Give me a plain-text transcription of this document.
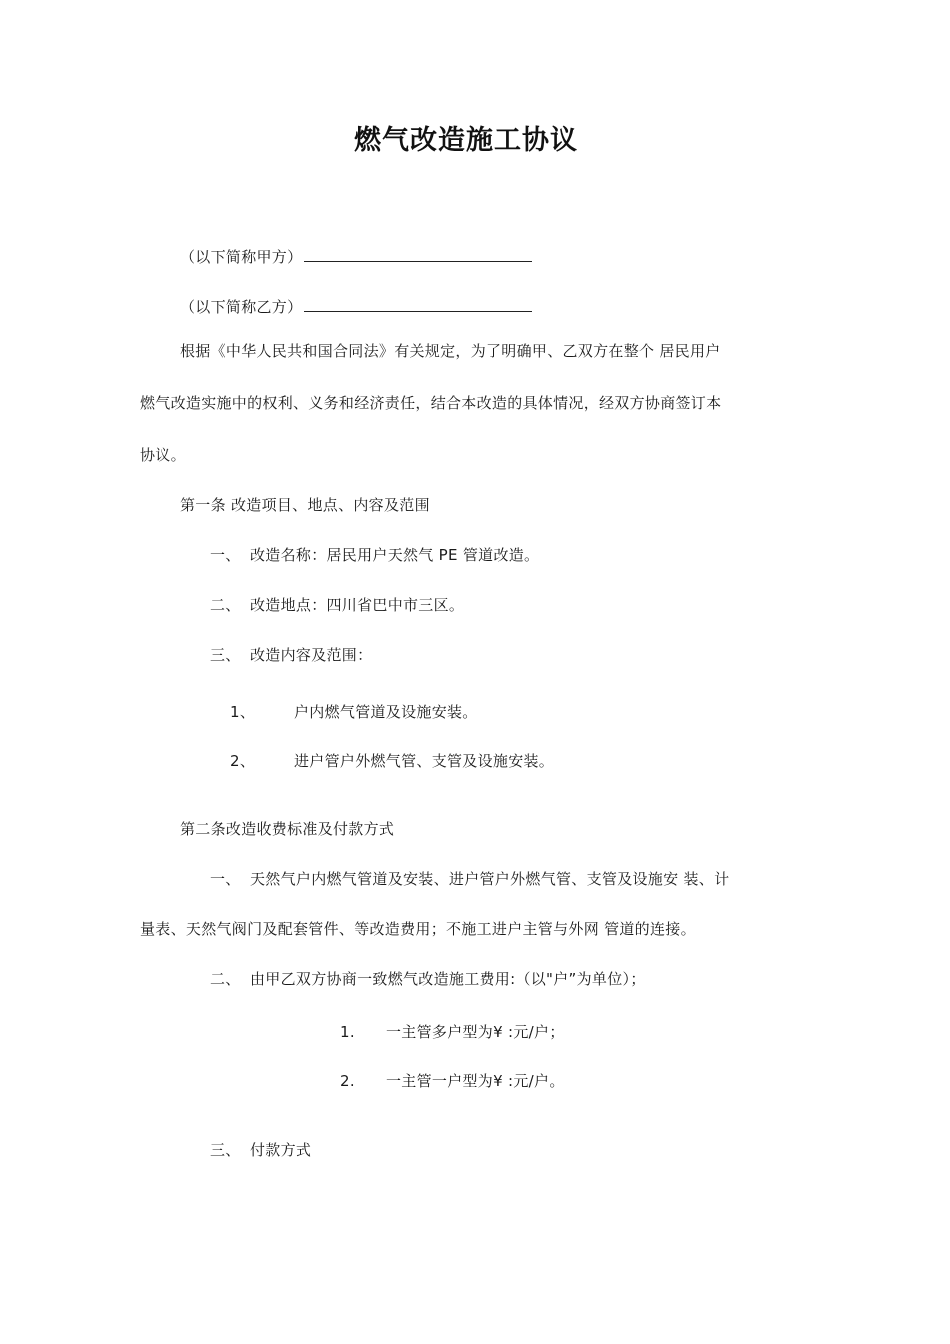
燃气改造施工协议
（以下简称甲方）
（以下简称乙方）
根据《中华人民共和国合同法》有关规定，为了明确甲、乙双方在整个 居民用户
燃气改造实施中的权利、义务和经济责任，结合本改造的具体情况，经双方协商签订本
协议。
第一条 改造项目、地点、内容及范围
一、 改造名称：居民用户天然气 PE 管道改造。
二、 改造地点：四川省巴中市三区。
三、 改造内容及范围：
1、	户内燃气管道及设施安装。
2、	进户管户外燃气管、支管及设施安装。
第二条改造收费标准及付款方式
一、 天然气户内燃气管道及安装、进户管户外燃气管、支管及设施安 装、计
量表、天然气阀门及配套管件、等改造费用；不施工进户主管与外网 管道的连接。
二、 由甲乙双方协商一致燃气改造施工费用:（以"户”为单位）；
1. 一主管多户型为¥ :元/户；
2. 一主管一户型为¥ :元/户。
三、 付款方式
